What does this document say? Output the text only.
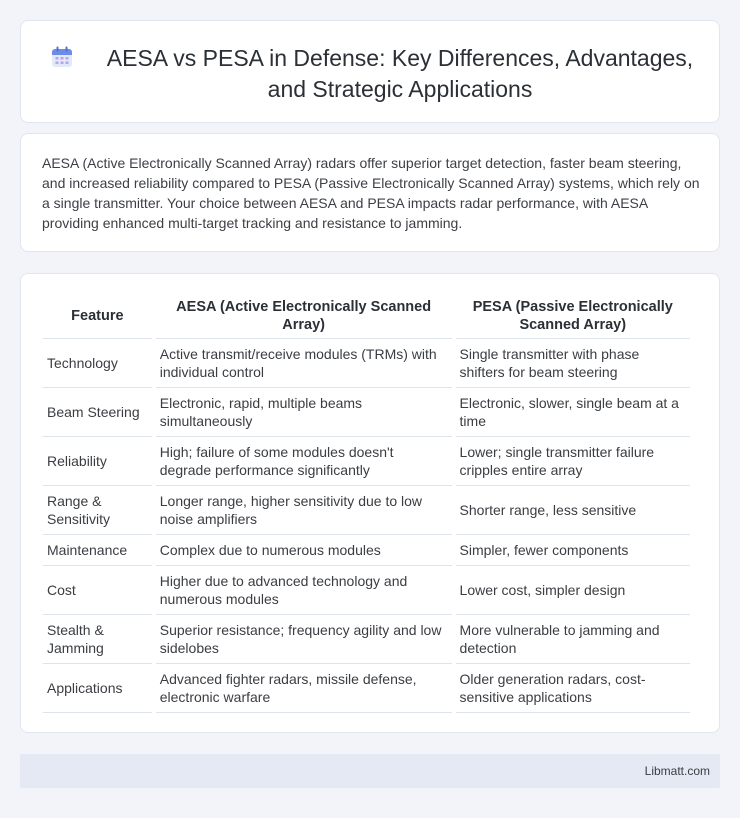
AESA vs PESA in Defense: Key Differences, Advantages, and Strategic Applications

AESA (Active Electronically Scanned Array) radars offer superior target detection, faster beam steering, and increased reliability compared to PESA (Passive Electronically Scanned Array) systems, which rely on a single transmitter. Your choice between AESA and PESA impacts radar performance, with AESA providing enhanced multi-target tracking and resistance to jamming.

Feature	AESA (Active Electronically Scanned Array)	PESA (Passive Electronically Scanned Array)
Technology	Active transmit/receive modules (TRMs) with individual control	Single transmitter with phase shifters for beam steering
Beam Steering	Electronic, rapid, multiple beams simultaneously	Electronic, slower, single beam at a time
Reliability	High; failure of some modules doesn't degrade performance significantly	Lower; single transmitter failure cripples entire array
Range & Sensitivity	Longer range, higher sensitivity due to low noise amplifiers	Shorter range, less sensitive
Maintenance	Complex due to numerous modules	Simpler, fewer components
Cost	Higher due to advanced technology and numerous modules	Lower cost, simpler design
Stealth & Jamming	Superior resistance; frequency agility and low sidelobes	More vulnerable to jamming and detection
Applications	Advanced fighter radars, missile defense, electronic warfare	Older generation radars, cost-sensitive applications
Libmatt.com
